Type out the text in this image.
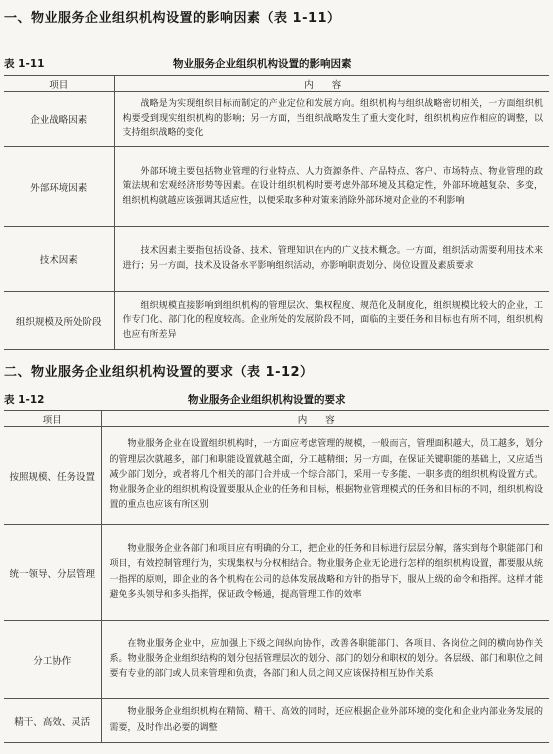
一、物业服务企业组织机构设置的影响因素（表 1-11）
表 1-11	物业服务企业组织机构设置的影响因素
项目	内容
企业战略因素	战略是为实现组织目标而制定的产业定位和发展方向。组织机构与组织战略密切相关，一方面组织机构要受到现实组织机构的影响；另一方面，当组织战略发生了重大变化时，组织机构应作相应的调整，以支持组织战略的变化
外部环境因素	外部环境主要包括物业管理的行业特点、人力资源条件、产品特点、客户、市场特点、物业管理的政策法规和宏观经济形势等因素。在设计组织机构时要考虑外部环境及其稳定性，外部环境越复杂、多变，组织机构就越应该强调其适应性，以便采取多种对策来消除外部环境对企业的不利影响
技术因素	技术因素主要指包括设备、技术、管理知识在内的广义技术概念。一方面，组织活动需要利用技术来进行；另一方面，技术及设备水平影响组织活动，亦影响职责划分、岗位设置及素质要求
组织规模及所处阶段	组织规模直接影响到组织机构的管理层次、集权程度、规范化及制度化，组织规模比较大的企业，工作专门化、部门化的程度较高。企业所处的发展阶段不同，面临的主要任务和目标也有所不同，组织机构也应有所差异
二、物业服务企业组织机构设置的要求（表 1-12）
表 1-12	物业服务企业组织机构设置的要求
项目	内容
按照规模、任务设置	物业服务企业在设置组织机构时，一方面应考虑管理的规模，一般而言，管理面积越大，员工越多，划分的管理层次就越多，部门和职能设置就越全面，分工越精细；另一方面，在保证关键职能的基础上，又应适当减少部门划分，或者将几个相关的部门合并成一个综合部门，采用一专多能、一职多责的组织机构设置方式。物业服务企业的组织机构设置要服从企业的任务和目标，根据物业管理模式的任务和目标的不同，组织机构设置的重点也应该有所区别
统一领导、分层管理	物业服务企业各部门和项目应有明确的分工，把企业的任务和目标进行层层分解，落实到每个职能部门和项目，有效控制管理行为，实现集权与分权相结合。物业服务企业无论进行怎样的组织机构设置，都要服从统一指挥的原则，即企业的各个机构在公司的总体发展战略和方针的指导下，服从上级的命令和指挥。这样才能避免多头领导和多头指挥，保证政令畅通，提高管理工作的效率
分工协作	在物业服务企业中，应加强上下级之间纵向协作，改善各职能部门、各项目、各岗位之间的横向协作关系。物业服务企业组织结构的划分包括管理层次的划分、部门的划分和职权的划分。各层级、部门和职位之间要有专业的部门或人员来管理和负责，各部门和人员之间又应该保持相互协作关系
精干、高效、灵活	物业服务企业组织机构在精简、精干、高效的同时，还应根据企业外部环境的变化和企业内部业务发展的需要，及时作出必要的调整
